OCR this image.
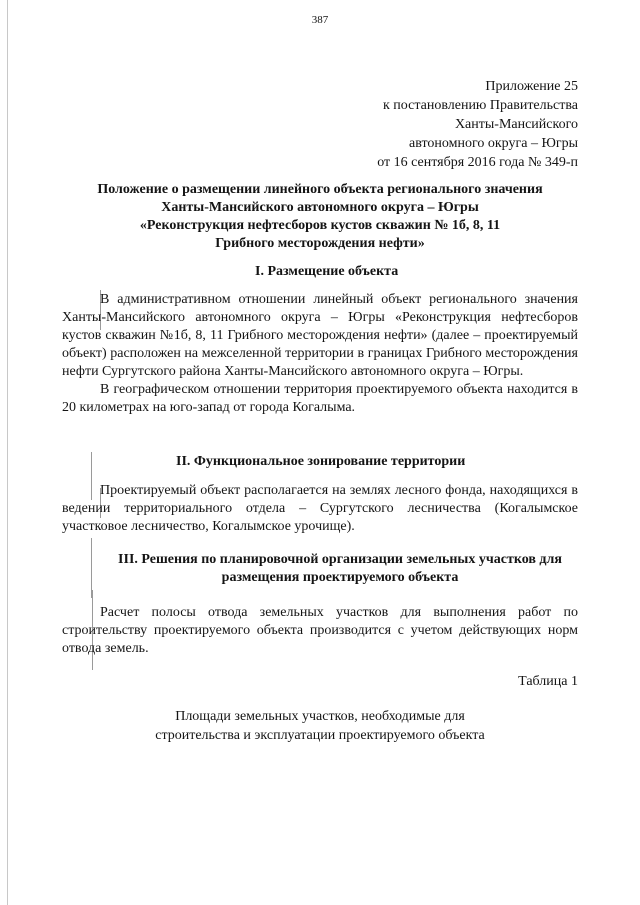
387
Приложение 25
к постановлению Правительства
Ханты-Мансийского
автономного округа – Югры
от 16 сентября 2016 года № 349-п
Положение о размещении линейного объекта регионального значения
Ханты-Мансийского автономного округа – Югры
«Реконструкция нефтесборов кустов скважин № 1б, 8, 11
Грибного месторождения нефти»
I. Размещение объекта

В административном отношении линейный объект регионального значения Ханты-Мансийского автономного округа – Югры «Реконструкция нефтесборов кустов скважин №1б, 8, 11 Грибного месторождения нефти» (далее – проектируемый объект) расположен на межселенной территории в границах Грибного месторождения нефти Сургутского района Ханты-Мансийского автономного округа – Югры.

В географическом отношении территория проектируемого объекта находится в 20 километрах на юго-запад от города Когалыма.

II. Функциональное зонирование территории

Проектируемый объект располагается на землях лесного фонда, находящихся в ведении территориального отдела – Сургутского лесничества (Когалымское участковое лесничество, Когалымское урочище).

III. Решения по планировочной организации земельных участков для
размещения проектируемого объекта

Расчет полосы отвода земельных участков для выполнения работ по строительству проектируемого объекта производится с учетом действующих норм отвода земель.

Таблица 1
Площади земельных участков, необходимые для
строительства и эксплуатации проектируемого объекта
